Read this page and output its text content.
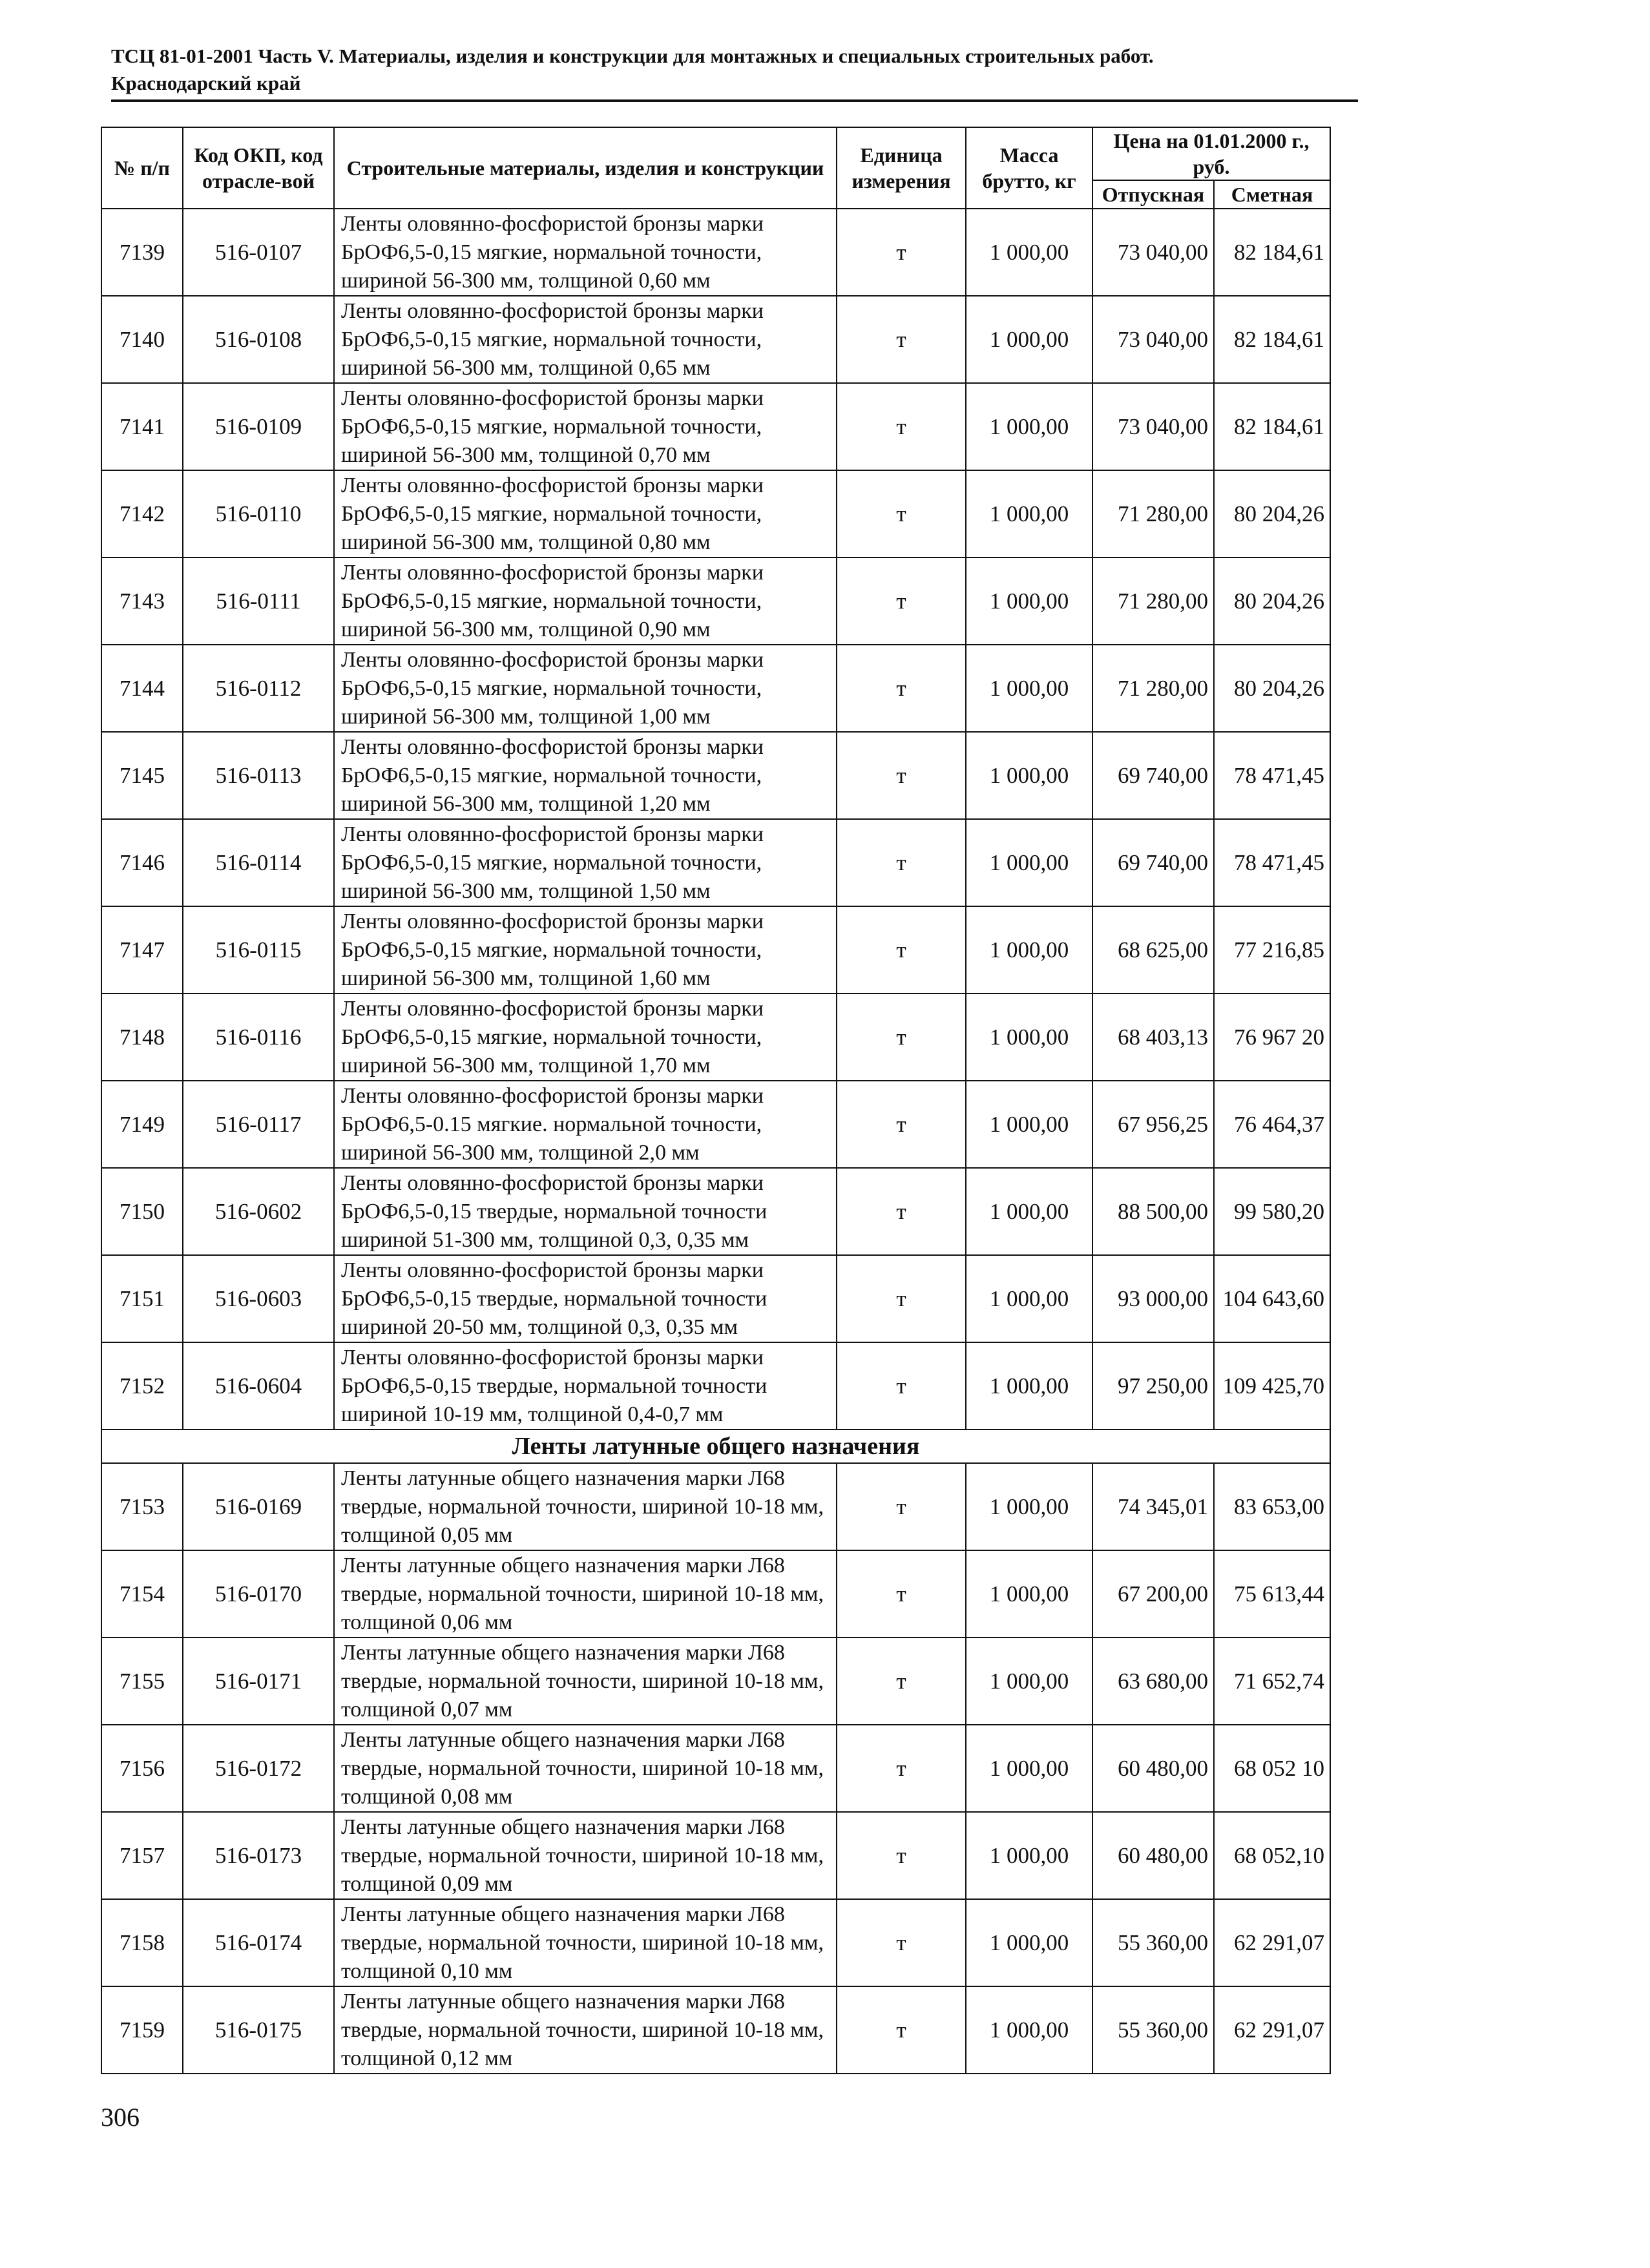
ТСЦ 81-01-2001 Часть V. Материалы, изделия и конструкции для монтажных и специальных строительных работ.
Краснодарский край
№ п/п	Код ОКП, код отрасле-вой	Строительные материалы, изделия и конструкции	Единица измерения	Масса брутто, кг	Цена на 01.01.2000 г., руб.	
					Отпускная	Сметная
7139	516-0107	Ленты оловянно-фосфористой бронзы марки БрОФ6,5-0,15 мягкие, нормальной точности, шириной 56-300 мм, толщиной 0,60 мм	т	1 000,00	73 040,00	82 184,61
7140	516-0108	Ленты оловянно-фосфористой бронзы марки БрОФ6,5-0,15 мягкие, нормальной точности, шириной 56-300 мм, толщиной 0,65 мм	т	1 000,00	73 040,00	82 184,61
7141	516-0109	Ленты оловянно-фосфористой бронзы марки БрОФ6,5-0,15 мягкие, нормальной точности, шириной 56-300 мм, толщиной 0,70 мм	т	1 000,00	73 040,00	82 184,61
7142	516-0110	Ленты оловянно-фосфористой бронзы марки БрОФ6,5-0,15 мягкие, нормальной точности, шириной 56-300 мм, толщиной 0,80 мм	т	1 000,00	71 280,00	80 204,26
7143	516-0111	Ленты оловянно-фосфористой бронзы марки БрОФ6,5-0,15 мягкие, нормальной точности, шириной 56-300 мм, толщиной 0,90 мм	т	1 000,00	71 280,00	80 204,26
7144	516-0112	Ленты оловянно-фосфористой бронзы марки БрОФ6,5-0,15 мягкие, нормальной точности, шириной 56-300 мм, толщиной 1,00 мм	т	1 000,00	71 280,00	80 204,26
7145	516-0113	Ленты оловянно-фосфористой бронзы марки БрОФ6,5-0,15 мягкие, нормальной точности, шириной 56-300 мм, толщиной 1,20 мм	т	1 000,00	69 740,00	78 471,45
7146	516-0114	Ленты оловянно-фосфористой бронзы марки БрОФ6,5-0,15 мягкие, нормальной точности, шириной 56-300 мм, толщиной 1,50 мм	т	1 000,00	69 740,00	78 471,45
7147	516-0115	Ленты оловянно-фосфористой бронзы марки БрОФ6,5-0,15 мягкие, нормальной точности, шириной 56-300 мм, толщиной 1,60 мм	т	1 000,00	68 625,00	77 216,85
7148	516-0116	Ленты оловянно-фосфористой бронзы марки БрОФ6,5-0,15 мягкие, нормальной точности, шириной 56-300 мм, толщиной 1,70 мм	т	1 000,00	68 403,13	76 967 20
7149	516-0117	Ленты оловянно-фосфористой бронзы марки БрОФ6,5-0.15 мягкие. нормальной точности, шириной 56-300 мм, толщиной 2,0 мм	т	1 000,00	67 956,25	76 464,37
7150	516-0602	Ленты оловянно-фосфористой бронзы марки БрОФ6,5-0,15 твердые, нормальной точности шириной 51-300 мм, толщиной 0,3, 0,35 мм	т	1 000,00	88 500,00	99 580,20
7151	516-0603	Ленты оловянно-фосфористой бронзы марки БрОФ6,5-0,15 твердые, нормальной точности шириной 20-50 мм, толщиной 0,3, 0,35 мм	т	1 000,00	93 000,00	104 643,60
7152	516-0604	Ленты оловянно-фосфористой бронзы марки БрОФ6,5-0,15 твердые, нормальной точности шириной 10-19 мм, толщиной 0,4-0,7 мм	т	1 000,00	97 250,00	109 425,70
Ленты латунные общего назначения						
7153	516-0169	Ленты латунные общего назначения марки Л68 твердые, нормальной точности, шириной 10-18 мм, толщиной 0,05 мм	т	1 000,00	74 345,01	83 653,00
7154	516-0170	Ленты латунные общего назначения марки Л68 твердые, нормальной точности, шириной 10-18 мм, толщиной 0,06 мм	т	1 000,00	67 200,00	75 613,44
7155	516-0171	Ленты латунные общего назначения марки Л68 твердые, нормальной точности, шириной 10-18 мм, толщиной 0,07 мм	т	1 000,00	63 680,00	71 652,74
7156	516-0172	Ленты латунные общего назначения марки Л68 твердые, нормальной точности, шириной 10-18 мм, толщиной 0,08 мм	т	1 000,00	60 480,00	68 052 10
7157	516-0173	Ленты латунные общего назначения марки Л68 твердые, нормальной точности, шириной 10-18 мм, толщиной 0,09 мм	т	1 000,00	60 480,00	68 052,10
7158	516-0174	Ленты латунные общего назначения марки Л68 твердые, нормальной точности, шириной 10-18 мм, толщиной 0,10 мм	т	1 000,00	55 360,00	62 291,07
7159	516-0175	Ленты латунные общего назначения марки Л68 твердые, нормальной точности, шириной 10-18 мм, толщиной 0,12 мм	т	1 000,00	55 360,00	62 291,07
306
